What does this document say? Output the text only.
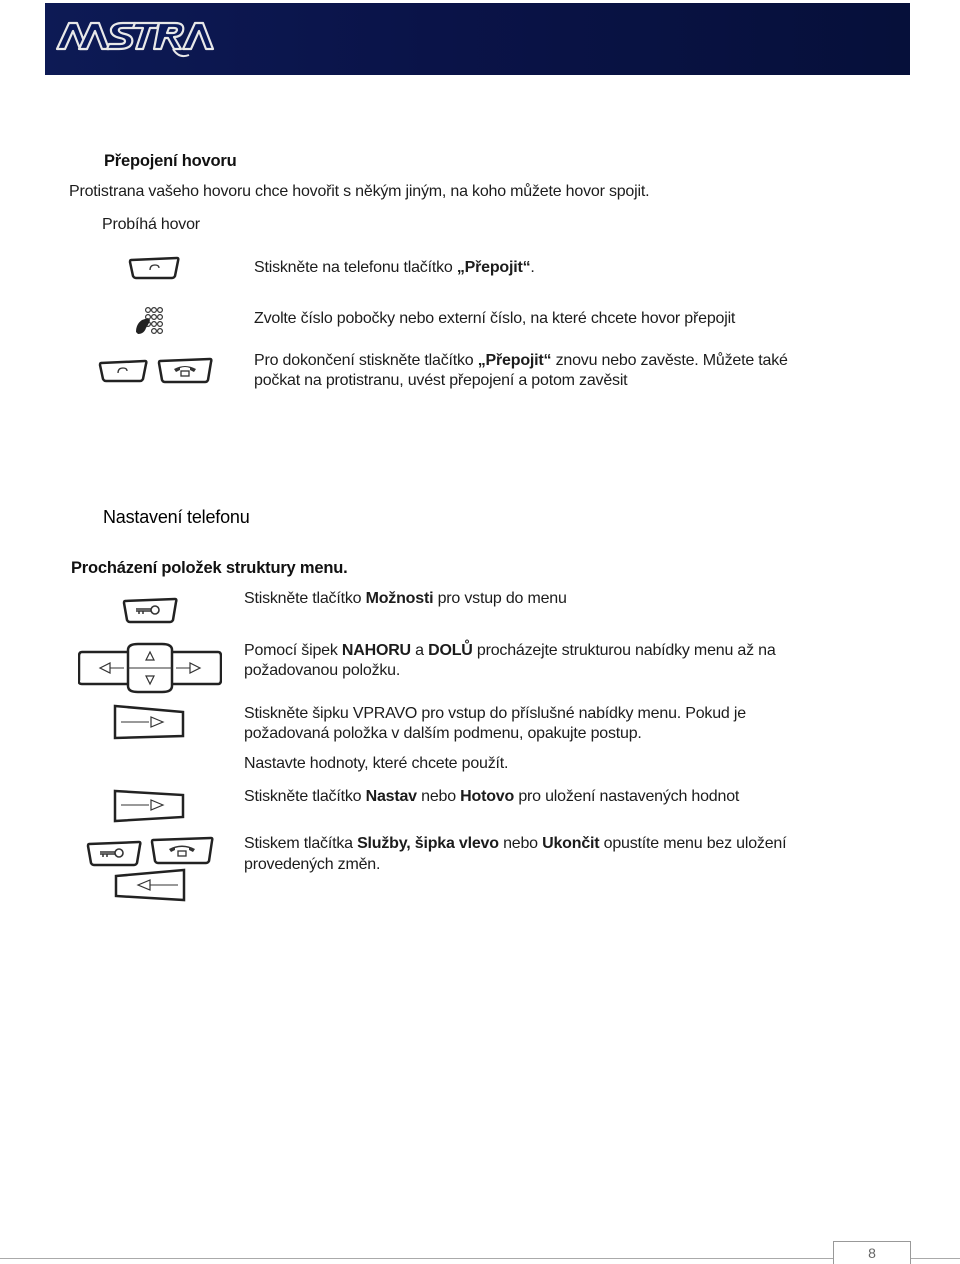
Přepojení hovoru
Protistrana vašeho hovoru chce hovořit s někým jiným, na koho můžete hovor spojit.
Probíhá hovor
Stiskněte na telefonu tlačítko „Přepojit“.
Zvolte číslo pobočky nebo externí číslo, na které chcete hovor přepojit
Pro dokončení stiskněte tlačítko „Přepojit“ znovu nebo zavěste. Můžete také
počkat na protistranu, uvést přepojení a potom zavěsit
Nastavení telefonu
Procházení položek struktury menu.
Stiskněte tlačítko Možnosti pro vstup do menu
Pomocí šipek NAHORU a DOLŮ procházejte strukturou nabídky menu až na
požadovanou položku.
Stiskněte šipku VPRAVO pro vstup do příslušné nabídky menu. Pokud je
požadovaná položka v dalším podmenu, opakujte postup.
Nastavte hodnoty, které chcete použít.
Stiskněte tlačítko Nastav nebo Hotovo pro uložení nastavených hodnot
Stiskem tlačítka Služby, šipka vlevo nebo Ukončit opustíte menu bez uložení
provedených změn.
8
